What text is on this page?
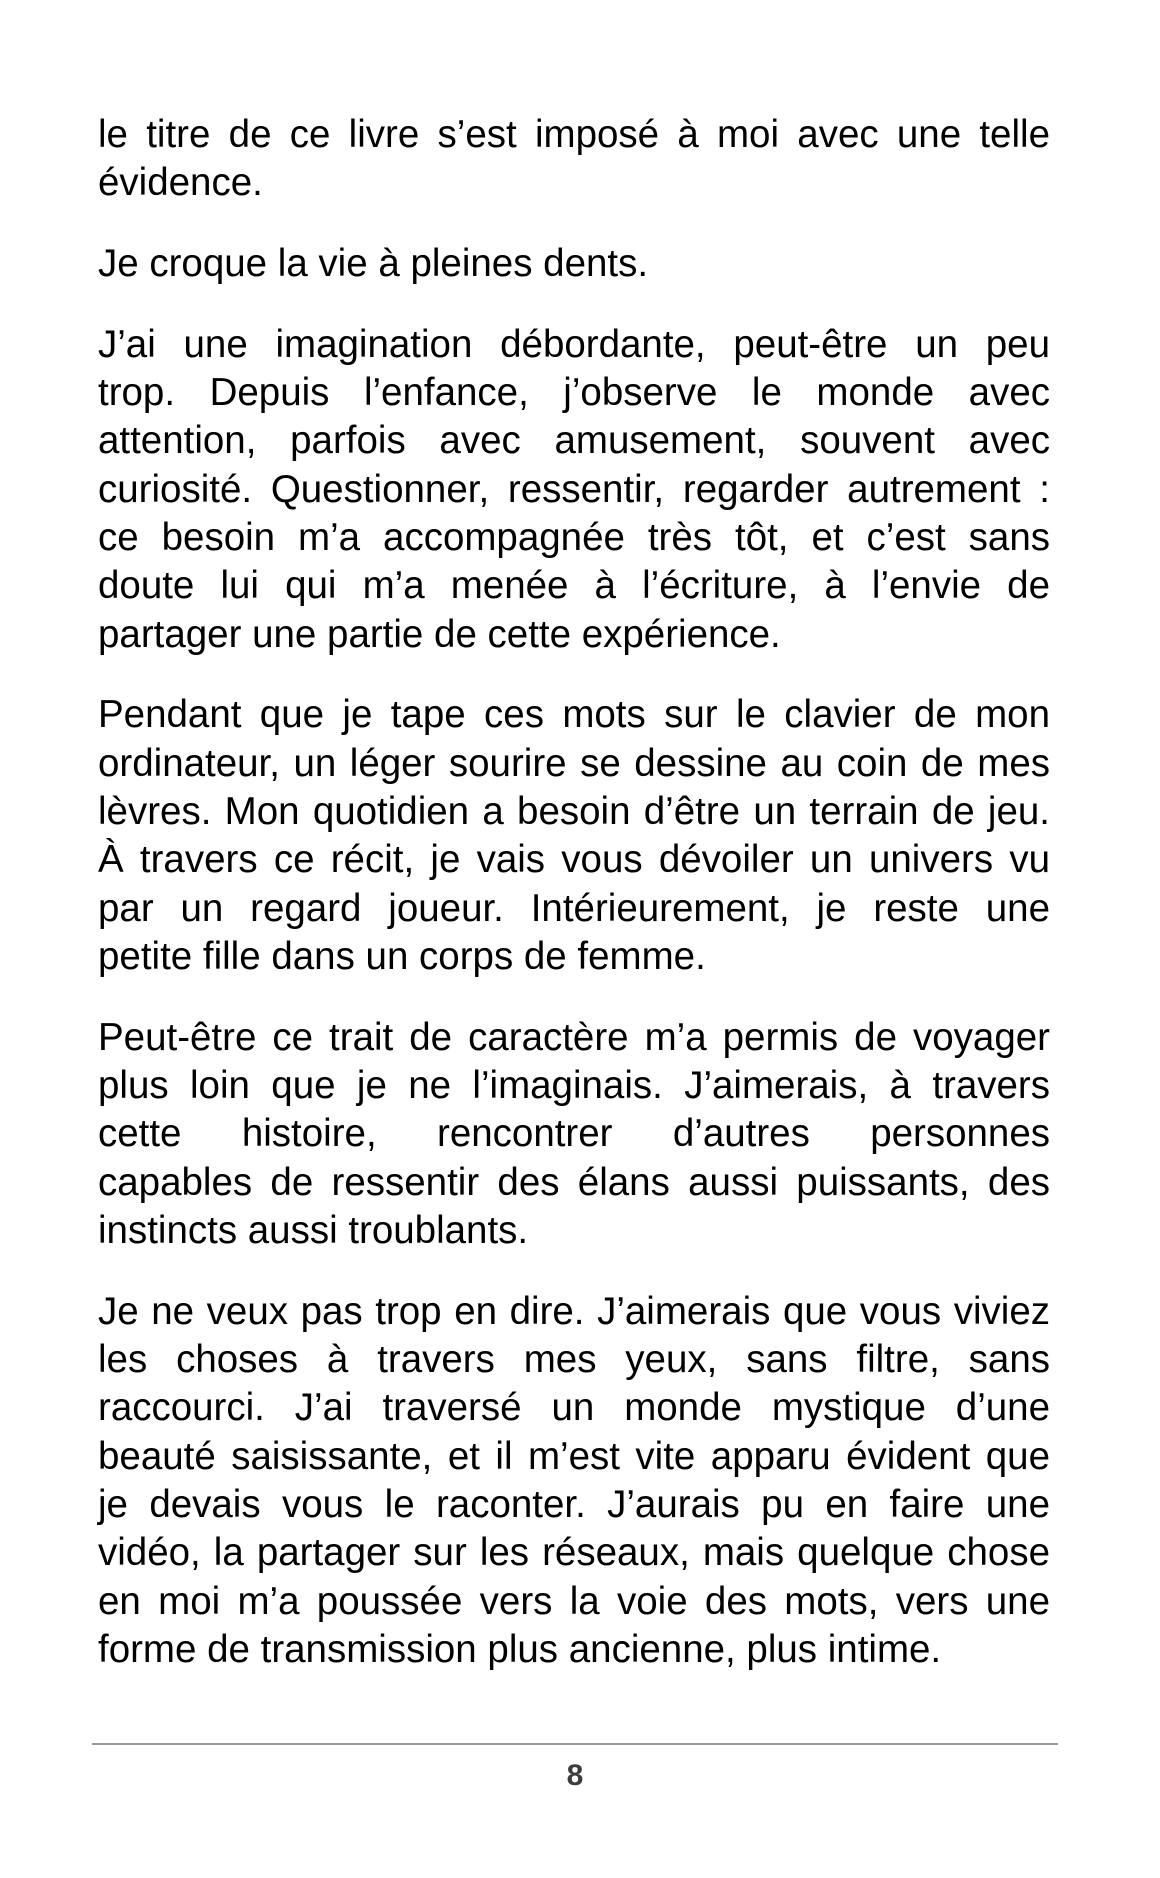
le titre de ce livre s’est imposé à moi avec une telle
évidence.

Je croque la vie à pleines dents.

J’ai une imagination débordante, peut-être un peu
trop. Depuis l’enfance, j’observe le monde avec
attention, parfois avec amusement, souvent avec
curiosité. Questionner, ressentir, regarder autrement :
ce besoin m’a accompagnée très tôt, et c’est sans
doute lui qui m’a menée à l’écriture, à l’envie de
partager une partie de cette expérience.

Pendant que je tape ces mots sur le clavier de mon
ordinateur, un léger sourire se dessine au coin de mes
lèvres. Mon quotidien a besoin d’être un terrain de jeu.
À travers ce récit, je vais vous dévoiler un univers vu
par un regard joueur. Intérieurement, je reste une
petite fille dans un corps de femme.

Peut-être ce trait de caractère m’a permis de voyager
plus loin que je ne l’imaginais. J’aimerais, à travers
cette histoire, rencontrer d’autres personnes
capables de ressentir des élans aussi puissants, des
instincts aussi troublants.

Je ne veux pas trop en dire. J’aimerais que vous viviez
les choses à travers mes yeux, sans filtre, sans
raccourci. J’ai traversé un monde mystique d’une
beauté saisissante, et il m’est vite apparu évident que
je devais vous le raconter. J’aurais pu en faire une
vidéo, la partager sur les réseaux, mais quelque chose
en moi m’a poussée vers la voie des mots, vers une
forme de transmission plus ancienne, plus intime.

8
